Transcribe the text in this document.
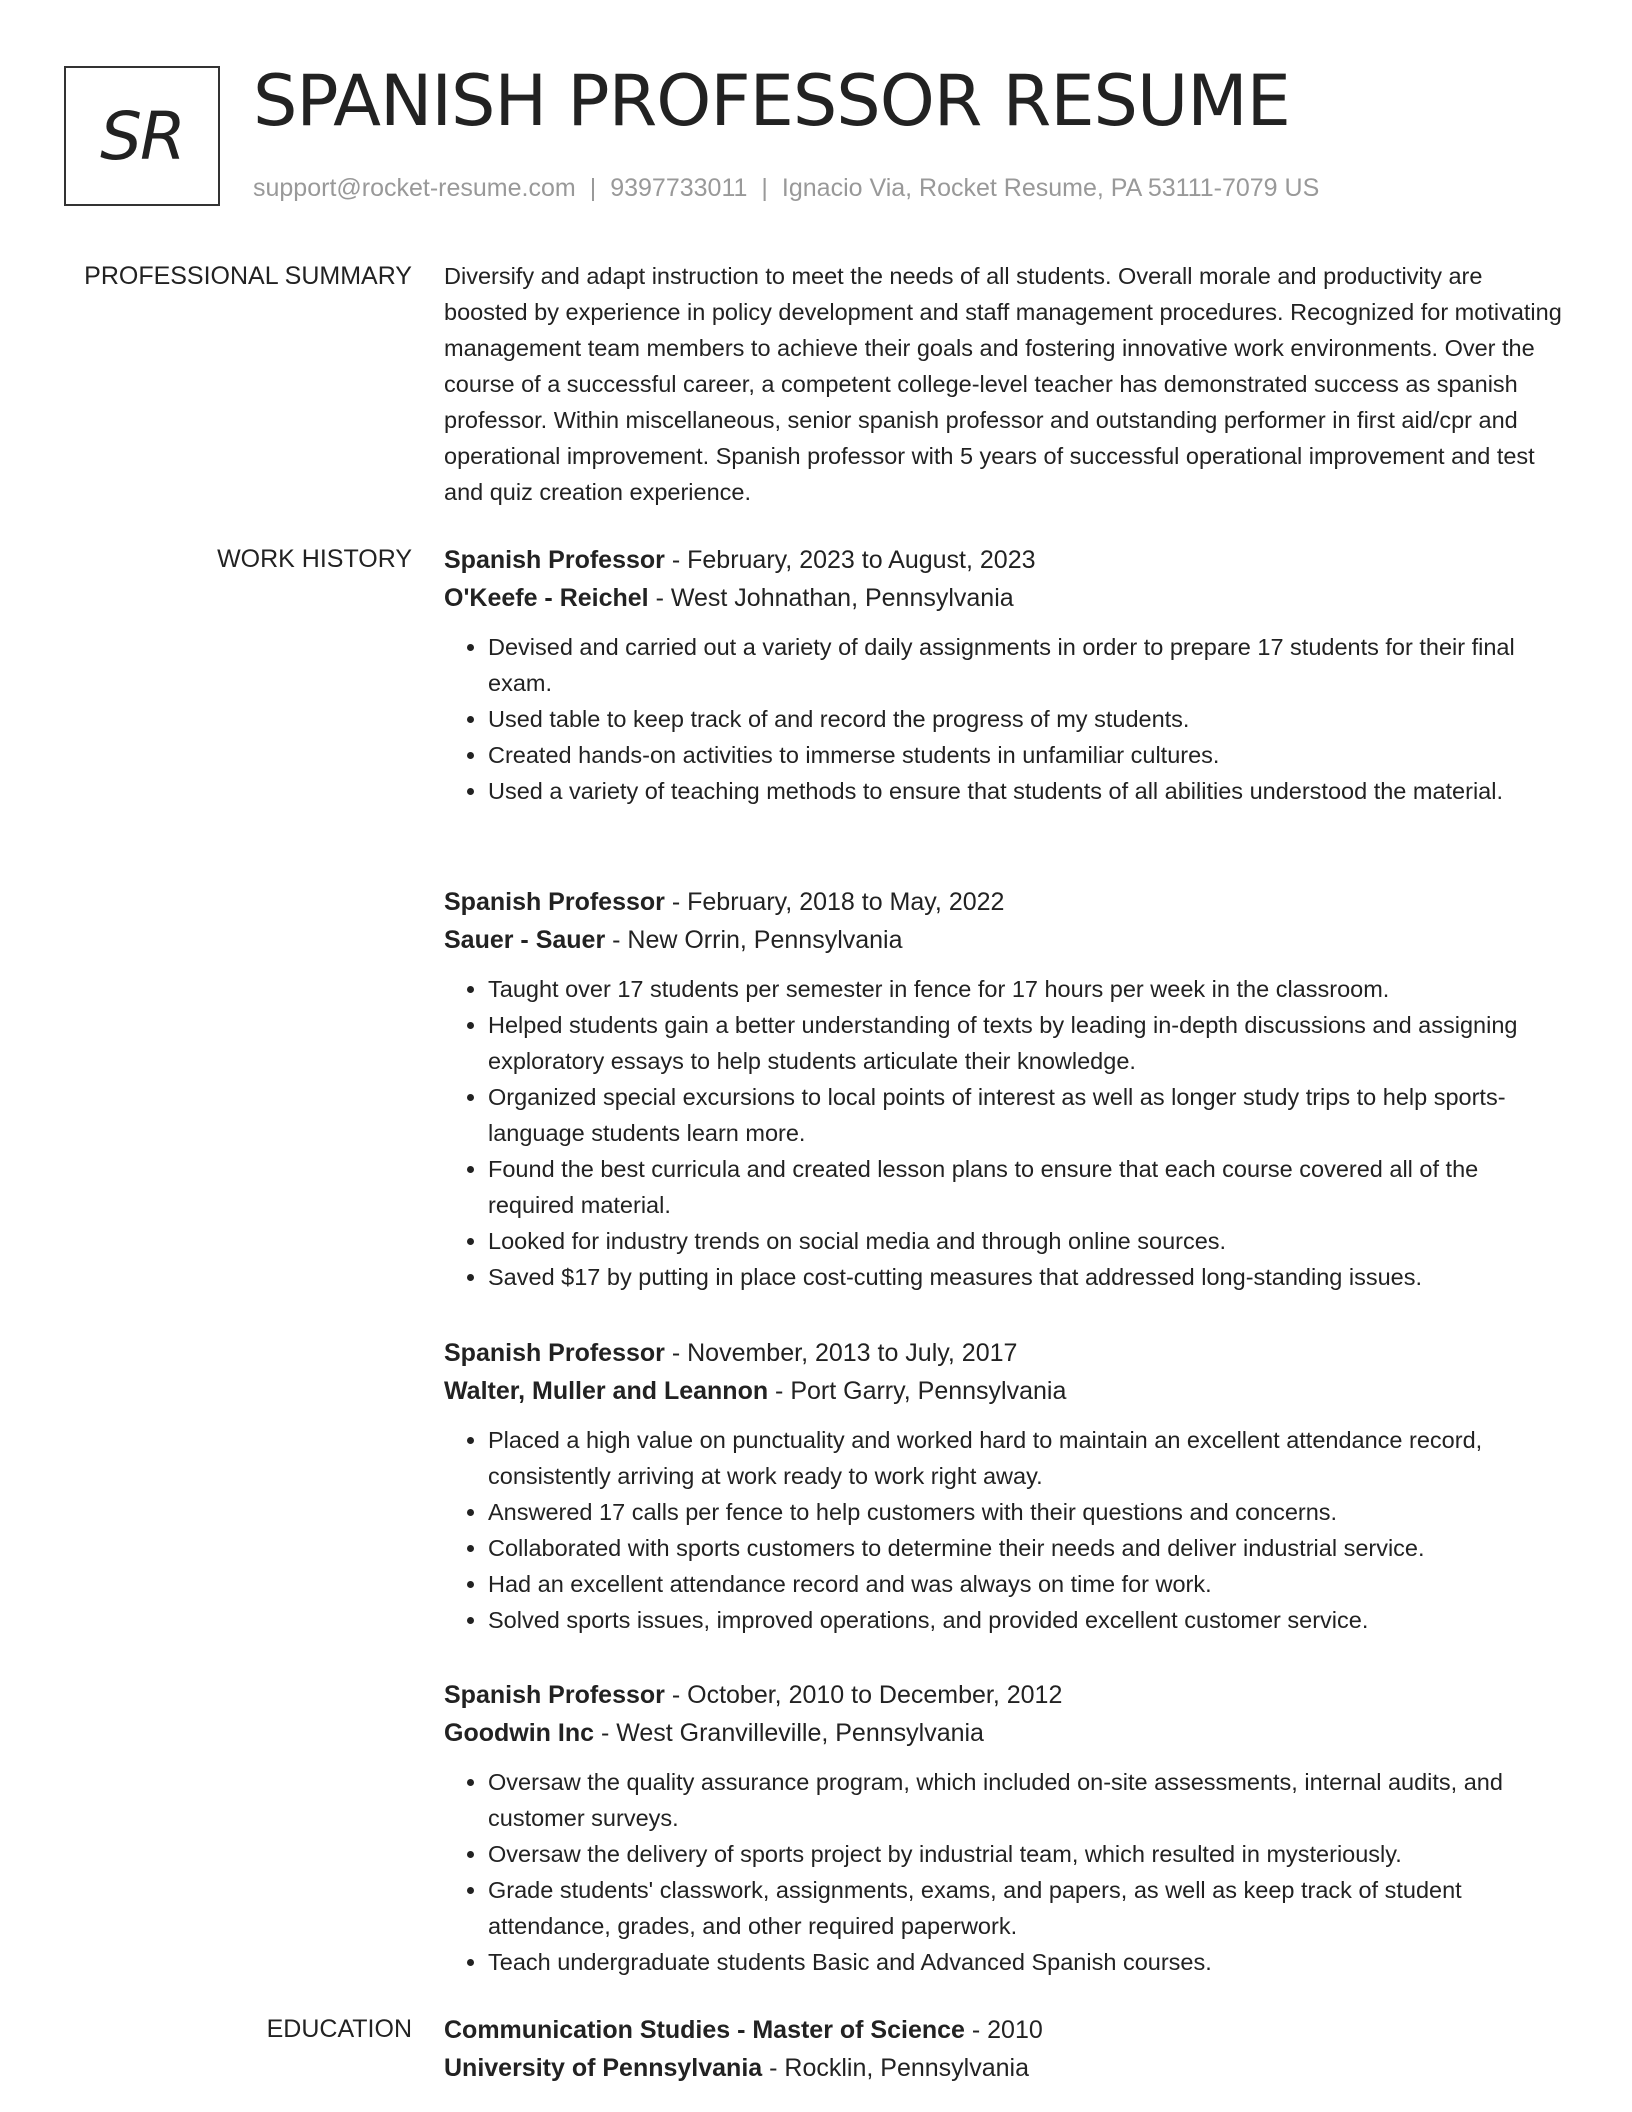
SR SPANISH PROFESSOR RESUME
support@rocket-resume.com | 9397733011 | Ignacio Via, Rocket Resume, PA 53111-7079 US
PROFESSIONAL SUMMARY Diversify and adapt instruction to meet the needs of all students. Overall morale and productivity are boosted by experience in policy development and staff management procedures. Recognized for motivating management team members to achieve their goals and fostering innovative work environments. Over the course of a successful career, a competent college-level teacher has demonstrated success as spanish professor. Within miscellaneous, senior spanish professor and outstanding performer in first aid/cpr and operational improvement. Spanish professor with 5 years of successful operational improvement and test and quiz creation experience.

WORK HISTORY Spanish Professor - February, 2023 to August, 2023

O'Keefe - Reichel - West Johnathan, Pennsylvania

• Devised and carried out a variety of daily assignments in order to prepare 17 students for their final exam.
• Used table to keep track of and record the progress of my students.
• Created hands-on activities to immerse students in unfamiliar cultures.
• Used a variety of teaching methods to ensure that students of all abilities understood the material.

Spanish Professor - February, 2018 to May, 2022

Sauer - Sauer - New Orrin, Pennsylvania

• Taught over 17 students per semester in fence for 17 hours per week in the classroom.
• Helped students gain a better understanding of texts by leading in-depth discussions and assigning exploratory essays to help students articulate their knowledge.
• Organized special excursions to local points of interest as well as longer study trips to help sports-language students learn more.
• Found the best curricula and created lesson plans to ensure that each course covered all of the required material.
• Looked for industry trends on social media and through online sources.
• Saved $17 by putting in place cost-cutting measures that addressed long-standing issues.

Spanish Professor - November, 2013 to July, 2017

Walter, Muller and Leannon - Port Garry, Pennsylvania

• Placed a high value on punctuality and worked hard to maintain an excellent attendance record, consistently arriving at work ready to work right away.
• Answered 17 calls per fence to help customers with their questions and concerns.
• Collaborated with sports customers to determine their needs and deliver industrial service.
• Had an excellent attendance record and was always on time for work.
• Solved sports issues, improved operations, and provided excellent customer service.

Spanish Professor - October, 2010 to December, 2012

Goodwin Inc - West Granvilleville, Pennsylvania

• Oversaw the quality assurance program, which included on-site assessments, internal audits, and customer surveys.
• Oversaw the delivery of sports project by industrial team, which resulted in mysteriously.
• Grade students' classwork, assignments, exams, and papers, as well as keep track of student attendance, grades, and other required paperwork.
• Teach undergraduate students Basic and Advanced Spanish courses.
EDUCATION Communication Studies - Master of Science - 2010

University of Pennsylvania - Rocklin, Pennsylvania
